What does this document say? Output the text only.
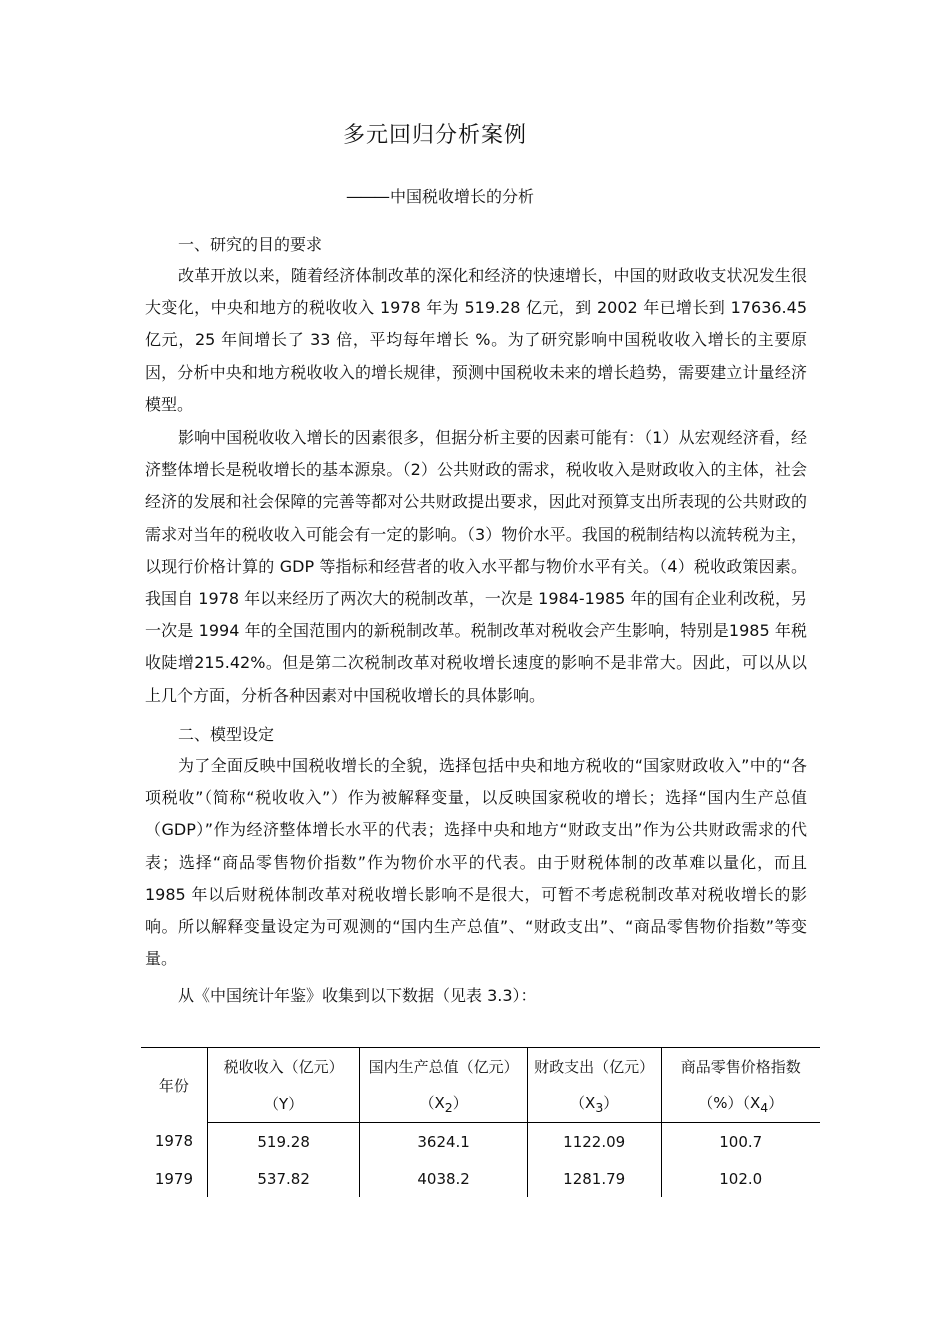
多元回归分析案例
——— 中国税收增长的分析
一、研究的目的要求

改革开放以来，随着经济体制改革的深化和经济的快速增长，中国的财政收支状况发生很大变化，中央和地方的税收收入 1978 年为 519.28 亿元，到 2002 年已增长到 17636.45 亿元，25 年间增长了 33 倍，平均每年增长 %。为了研究影响中国税收收入增长的主要原因，分析中央和地方税收收入的增长规律，预测中国税收未来的增长趋势，需要建立计量经济模型。

影响中国税收收入增长的因素很多，但据分析主要的因素可能有：（1）从宏观经济看，经济整体增长是税收增长的基本源泉。（2）公共财政的需求，税收收入是财政收入的主体，社会经济的发展和社会保障的完善等都对公共财政提出要求，因此对预算支出所表现的公共财政的需求对当年的税收收入可能会有一定的影响。（3）物价水平。我国的税制结构以流转税为主，以现行价格计算的 GDP 等指标和经营者的收入水平都与物价水平有关。（4）税收政策因素。我国自 1978 年以来经历了两次大的税制改革，一次是 1984-1985 年的国有企业利改税，另一次是 1994 年的全国范围内的新税制改革。税制改革对税收会产生影响，特别是1985 年税收陡增215.42%。但是第二次税制改革对税收增长速度的影响不是非常大。因此，可以从以上几个方面，分析各种因素对中国税收增长的具体影响。

二、模型设定

为了全面反映中国税收增长的全貌，选择包括中央和地方税收的“国家财政收入”中的“各项税收”（简称“税收收入”）作为被解释变量，以反映国家税收的增长；选择“国内生产总值（GDP）”作为经济整体增长水平的代表；选择中央和地方“财政支出”作为公共财政需求的代表；选择“商品零售物价指数”作为物价水平的代表。由于财税体制的改革难以量化，而且 1985 年以后财税体制改革对税收增长影响不是很大，可暂不考虑税制改革对税收增长的影响。所以解释变量设定为可观测的“国内生产总值”、“财政支出”、“商品零售物价指数”等变量。

从《中国统计年鉴》收集到以下数据（见表 3.3）：

年份	税收收入（亿元）	国内生产总值（亿元）	财政支出（亿元）	商品零售价格指数
	（Y）	$(X_2)$	$(X_3)$	$(\%)(X_4)$
1978	519.28	3624.1	1122.09	100.7
1979	537.82	4038.2	1281.79	102.0
